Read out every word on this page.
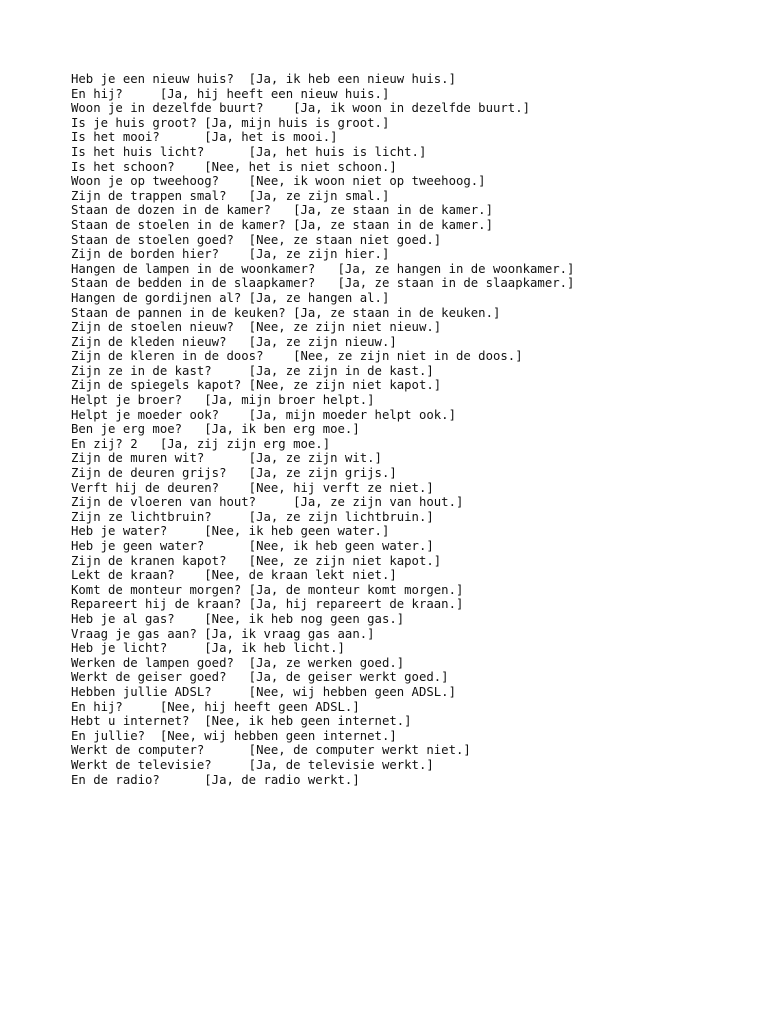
Heb je een nieuw huis?  [Ja, ik heb een nieuw huis.]
En hij?     [Ja, hij heeft een nieuw huis.]
Woon je in dezelfde buurt?    [Ja, ik woon in dezelfde buurt.]
Is je huis groot? [Ja, mijn huis is groot.]
Is het mooi?      [Ja, het is mooi.]
Is het huis licht?      [Ja, het huis is licht.]
Is het schoon?    [Nee, het is niet schoon.]
Woon je op tweehoog?    [Nee, ik woon niet op tweehoog.]
Zijn de trappen smal?   [Ja, ze zijn smal.]
Staan de dozen in de kamer?   [Ja, ze staan in de kamer.]
Staan de stoelen in de kamer? [Ja, ze staan in de kamer.]
Staan de stoelen goed?  [Nee, ze staan niet goed.]
Zijn de borden hier?    [Ja, ze zijn hier.]
Hangen de lampen in de woonkamer?   [Ja, ze hangen in de woonkamer.]
Staan de bedden in de slaapkamer?   [Ja, ze staan in de slaapkamer.]
Hangen de gordijnen al? [Ja, ze hangen al.]
Staan de pannen in de keuken? [Ja, ze staan in de keuken.]
Zijn de stoelen nieuw?  [Nee, ze zijn niet nieuw.]
Zijn de kleden nieuw?   [Ja, ze zijn nieuw.]
Zijn de kleren in de doos?    [Nee, ze zijn niet in de doos.]
Zijn ze in de kast?     [Ja, ze zijn in de kast.]
Zijn de spiegels kapot? [Nee, ze zijn niet kapot.]
Helpt je broer?   [Ja, mijn broer helpt.]
Helpt je moeder ook?    [Ja, mijn moeder helpt ook.]
Ben je erg moe?   [Ja, ik ben erg moe.]
En zij? 2   [Ja, zij zijn erg moe.]
Zijn de muren wit?      [Ja, ze zijn wit.]
Zijn de deuren grijs?   [Ja, ze zijn grijs.]
Verft hij de deuren?    [Nee, hij verft ze niet.]
Zijn de vloeren van hout?     [Ja, ze zijn van hout.]
Zijn ze lichtbruin?     [Ja, ze zijn lichtbruin.]
Heb je water?     [Nee, ik heb geen water.]
Heb je geen water?      [Nee, ik heb geen water.]
Zijn de kranen kapot?   [Nee, ze zijn niet kapot.]
Lekt de kraan?    [Nee, de kraan lekt niet.]
Komt de monteur morgen? [Ja, de monteur komt morgen.]
Repareert hij de kraan? [Ja, hij repareert de kraan.]
Heb je al gas?    [Nee, ik heb nog geen gas.]
Vraag je gas aan? [Ja, ik vraag gas aan.]
Heb je licht?     [Ja, ik heb licht.]
Werken de lampen goed?  [Ja, ze werken goed.]
Werkt de geiser goed?   [Ja, de geiser werkt goed.]
Hebben jullie ADSL?     [Nee, wij hebben geen ADSL.]
En hij?     [Nee, hij heeft geen ADSL.]
Hebt u internet?  [Nee, ik heb geen internet.]
En jullie?  [Nee, wij hebben geen internet.]
Werkt de computer?      [Nee, de computer werkt niet.]
Werkt de televisie?     [Ja, de televisie werkt.]
En de radio?      [Ja, de radio werkt.]
